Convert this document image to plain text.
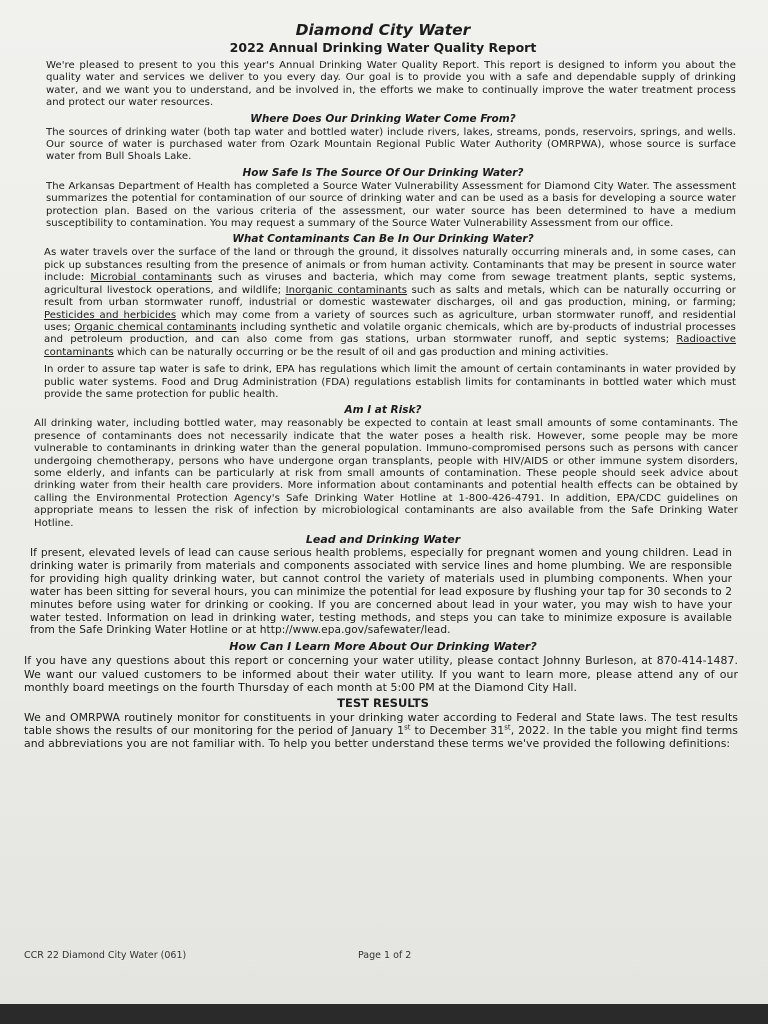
Diamond City Water
2022 Annual Drinking Water Quality Report

We're pleased to present to you this year's Annual Drinking Water Quality Report. This report is designed to inform you about the quality water and services we deliver to you every day. Our goal is to provide you with a safe and dependable supply of drinking water, and we want you to understand, and be involved in, the efforts we make to continually improve the water treatment process and protect our water resources.

Where Does Our Drinking Water Come From?

The sources of drinking water (both tap water and bottled water) include rivers, lakes, streams, ponds, reservoirs, springs, and wells. Our source of water is purchased water from Ozark Mountain Regional Public Water Authority (OMRPWA), whose source is surface water from Bull Shoals Lake.

How Safe Is The Source Of Our Drinking Water?

The Arkansas Department of Health has completed a Source Water Vulnerability Assessment for Diamond City Water. The assessment summarizes the potential for contamination of our source of drinking water and can be used as a basis for developing a source water protection plan. Based on the various criteria of the assessment, our water source has been determined to have a medium susceptibility to contamination. You may request a summary of the Source Water Vulnerability Assessment from our office.

What Contaminants Can Be In Our Drinking Water?

As water travels over the surface of the land or through the ground, it dissolves naturally occurring minerals and, in some cases, can pick up substances resulting from the presence of animals or from human activity. Contaminants that may be present in source water include: Microbial contaminants such as viruses and bacteria, which may come from sewage treatment plants, septic systems, agricultural livestock operations, and wildlife; Inorganic contaminants such as salts and metals, which can be naturally occurring or result from urban stormwater runoff, industrial or domestic wastewater discharges, oil and gas production, mining, or farming; Pesticides and herbicides which may come from a variety of sources such as agriculture, urban stormwater runoff, and residential uses; Organic chemical contaminants including synthetic and volatile organic chemicals, which are by-products of industrial processes and petroleum production, and can also come from gas stations, urban stormwater runoff, and septic systems; Radioactive contaminants which can be naturally occurring or be the result of oil and gas production and mining activities.

In order to assure tap water is safe to drink, EPA has regulations which limit the amount of certain contaminants in water provided by public water systems. Food and Drug Administration (FDA) regulations establish limits for contaminants in bottled water which must provide the same protection for public health.

Am I at Risk?

All drinking water, including bottled water, may reasonably be expected to contain at least small amounts of some contaminants. The presence of contaminants does not necessarily indicate that the water poses a health risk. However, some people may be more vulnerable to contaminants in drinking water than the general population. Immuno-compromised persons such as persons with cancer undergoing chemotherapy, persons who have undergone organ transplants, people with HIV/AIDS or other immune system disorders, some elderly, and infants can be particularly at risk from small amounts of contamination. These people should seek advice about drinking water from their health care providers. More information about contaminants and potential health effects can be obtained by calling the Environmental Protection Agency's Safe Drinking Water Hotline at 1-800-426-4791. In addition, EPA/CDC guidelines on appropriate means to lessen the risk of infection by microbiological contaminants are also available from the Safe Drinking Water Hotline.

Lead and Drinking Water

If present, elevated levels of lead can cause serious health problems, especially for pregnant women and young children. Lead in drinking water is primarily from materials and components associated with service lines and home plumbing. We are responsible for providing high quality drinking water, but cannot control the variety of materials used in plumbing components. When your water has been sitting for several hours, you can minimize the potential for lead exposure by flushing your tap for 30 seconds to 2 minutes before using water for drinking or cooking. If you are concerned about lead in your water, you may wish to have your water tested. Information on lead in drinking water, testing methods, and steps you can take to minimize exposure is available from the Safe Drinking Water Hotline or at http://www.epa.gov/safewater/lead.

How Can I Learn More About Our Drinking Water?

If you have any questions about this report or concerning your water utility, please contact Johnny Burleson, at 870-414-1487. We want our valued customers to be informed about their water utility. If you want to learn more, please attend any of our monthly board meetings on the fourth Thursday of each month at 5:00 PM at the Diamond City Hall.

TEST RESULTS

We and OMRPWA routinely monitor for constituents in your drinking water according to Federal and State laws. The test results table shows the results of our monitoring for the period of January 1st to December 31st, 2022. In the table you might find terms and abbreviations you are not familiar with. To help you better understand these terms we've provided the following definitions:

CCR 22 Diamond City Water (061)	Page 1 of 2
